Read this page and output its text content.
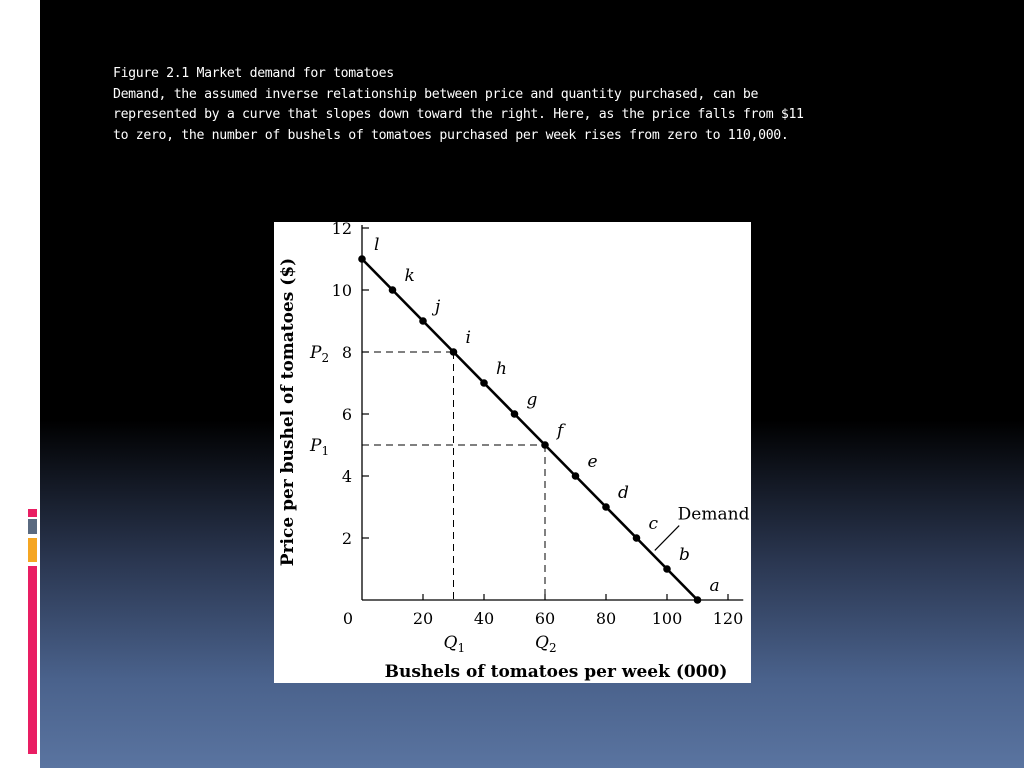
Figure 2.1 Market demand for tomatoes
Demand, the assumed inverse relationship between price and quantity purchased, can be
represented by a curve that slopes down toward the right. Here, as the price falls from $11
to zero, the number of bushels of tomatoes purchased per week rises from zero to 110,000.
0	20	40	60	80 100 120
2
4
6
8
10
12
$P_2$
$Q_1$
$P_1$
$Q_2$
a
b
c
d
e
f
g
h
i
j
k
l
Demand
Bushels of tomatoes per week (000)
Price per bushel of tomatoes ($)
